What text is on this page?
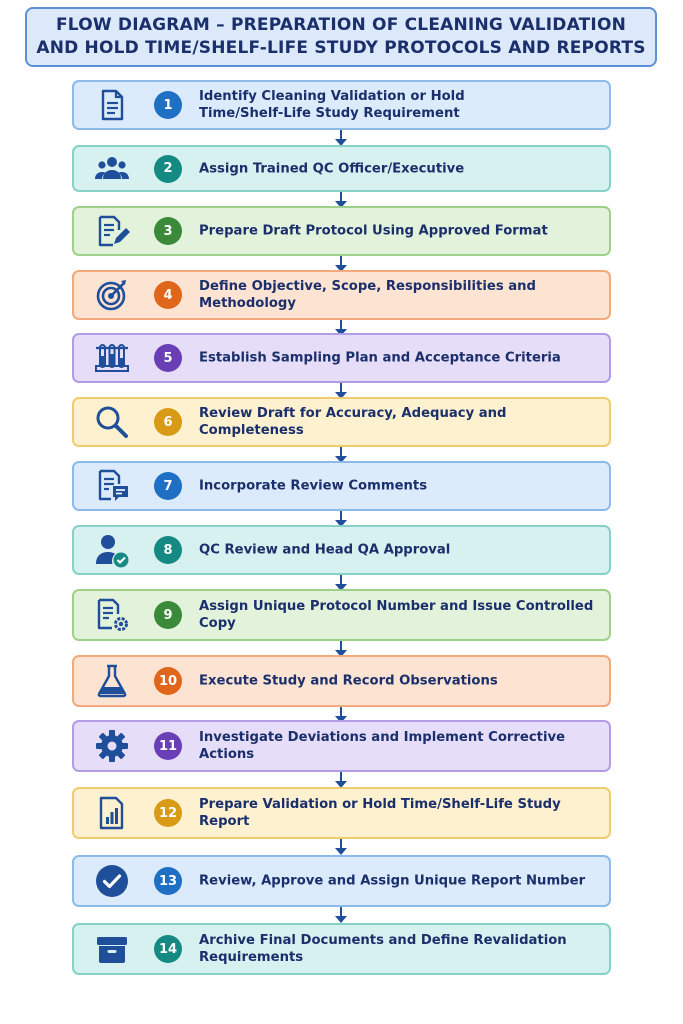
FLOW DIAGRAM – PREPARATION OF CLEANING VALIDATION
AND HOLD TIME/SHELF-LIFE STUDY PROTOCOLS AND REPORTS
1
Identify Cleaning Validation or Hold Time/Shelf-Life Study Requirement
2	Assign Trained QC Officer/Executive
3	Prepare Draft Protocol Using Approved Format
4
Define Objective, Scope, Responsibilities and Methodology
5	Establish Sampling Plan and Acceptance Criteria
6
Review Draft for Accuracy, Adequacy and Completeness
7	Incorporate Review Comments
8	QC Review and Head QA Approval
9
Assign Unique Protocol Number and Issue Controlled Copy
10	Execute Study and Record Observations
11
Investigate Deviations and Implement Corrective Actions
12
Prepare Validation or Hold Time/Shelf-Life Study Report
13	Review, Approve and Assign Unique Report Number
14
Archive Final Documents and Define Revalidation Requirements
